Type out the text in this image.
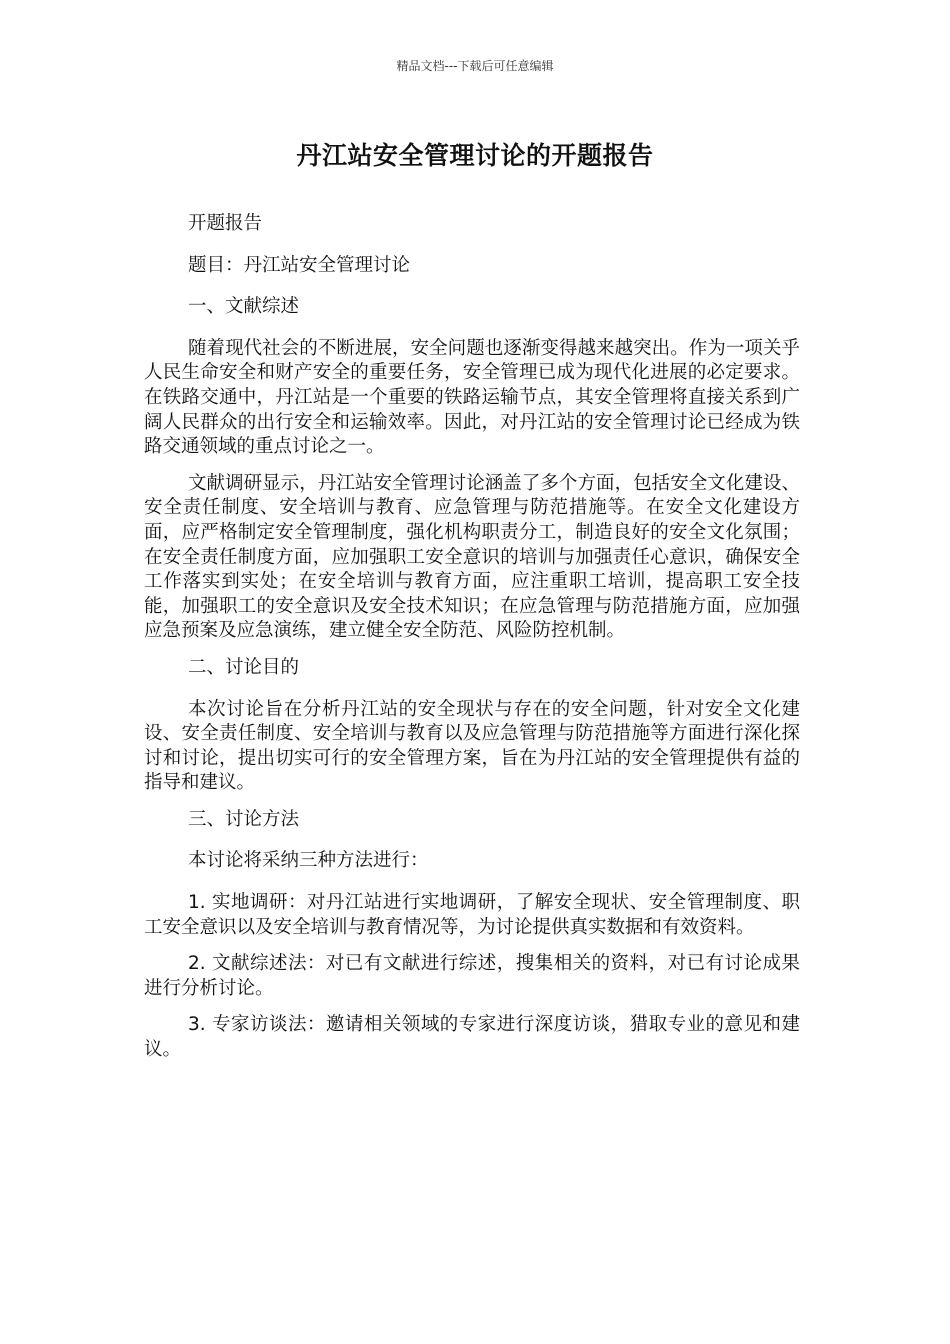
精品文档---下载后可任意编辑
丹江站安全管理讨论的开题报告

开题报告

题目：丹江站安全管理讨论

一、文献综述

随着现代社会的不断进展，安全问题也逐渐变得越来越突出。作为一项关乎人民生命安全和财产安全的重要任务，安全管理已成为现代化进展的必定要求。在铁路交通中，丹江站是一个重要的铁路运输节点，其安全管理将直接关系到广阔人民群众的出行安全和运输效率。因此，对丹江站的安全管理讨论已经成为铁路交通领域的重点讨论之一。

文献调研显示，丹江站安全管理讨论涵盖了多个方面，包括安全文化建设、安全责任制度、安全培训与教育、应急管理与防范措施等。在安全文化建设方面，应严格制定安全管理制度，强化机构职责分工，制造良好的安全文化氛围；在安全责任制度方面，应加强职工安全意识的培训与加强责任心意识，确保安全工作落实到实处；在安全培训与教育方面，应注重职工培训，提高职工安全技能，加强职工的安全意识及安全技术知识；在应急管理与防范措施方面，应加强应急预案及应急演练，建立健全安全防范、风险防控机制。

二、讨论目的

本次讨论旨在分析丹江站的安全现状与存在的安全问题，针对安全文化建设、安全责任制度、安全培训与教育以及应急管理与防范措施等方面进行深化探讨和讨论，提出切实可行的安全管理方案，旨在为丹江站的安全管理提供有益的指导和建议。

三、讨论方法

本讨论将采纳三种方法进行：

1. 实地调研：对丹江站进行实地调研，了解安全现状、安全管理制度、职工安全意识以及安全培训与教育情况等，为讨论提供真实数据和有效资料。

2. 文献综述法：对已有文献进行综述，搜集相关的资料，对已有讨论成果进行分析讨论。

3. 专家访谈法：邀请相关领域的专家进行深度访谈，猎取专业的意见和建议。
